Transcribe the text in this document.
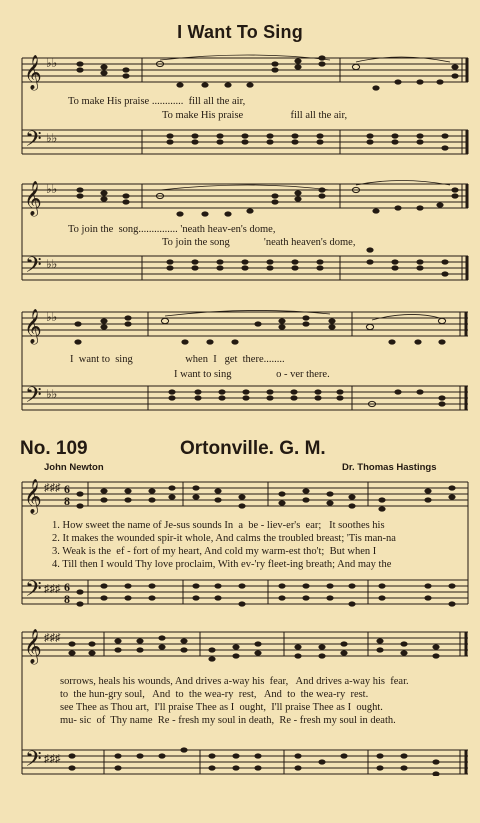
I Want To Sing
𝄞
𝄢
♭♭
♭♭
To make His praise ............  fill all the air,
To make His praise                  fill all the air,
𝄞
𝄢
♭♭
♭♭
To join the  song............... 'neath heav-en's dome,
To join the song             'neath heaven's dome,
𝄞
𝄢
♭♭
♭♭
I  want to  sing                    when  I   get  there........
I want to sing                 o - ver there.
No. 109	Ortonville. G. M.
John Newton	Dr. Thomas Hastings
𝄞
𝄢
♯♯♯
♯♯♯
6
8
6
8
1. How sweet the name of Je-sus sounds In  a  be - liev-er's  ear;   It soothes his
2. It makes the wounded spir-it whole, And calms the troubled breast; 'Tis man-na
3. Weak is the  ef - fort of my heart, And cold my warm-est tho't;  But when I
4. Till then I would Thy love proclaim, With ev-'ry fleet-ing breath; And may the
𝄞
𝄢
♯♯♯
♯♯♯
sorrows, heals his wounds, And drives a-way his  fear,   And drives a-way his  fear.
to  the hun-gry soul,   And  to  the wea-ry  rest,   And  to  the wea-ry  rest.
see Thee as Thou art,  I'll praise Thee as I  ought,  I'll praise Thee as I  ought.
mu- sic  of  Thy name  Re - fresh my soul in death,  Re - fresh my soul in death.
